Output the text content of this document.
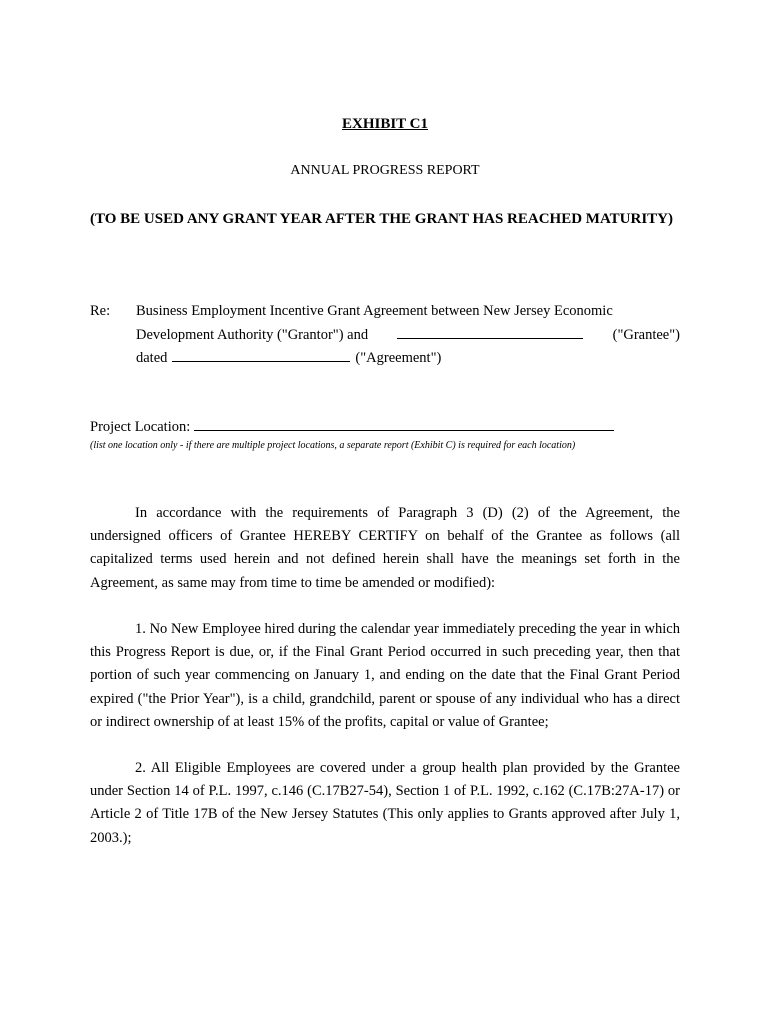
EXHIBIT C1
ANNUAL PROGRESS REPORT
(TO BE USED ANY GRANT YEAR AFTER THE GRANT HAS REACHED MATURITY)
Re: Business Employment Incentive Grant Agreement between New Jersey Economic
Development Authority ("Grantor") and	("Grantee")
dated	("Agreement")
Project Location:
(list one location only - if there are multiple project locations, a separate report (Exhibit C) is required for each location)
In accordance with the requirements of Paragraph 3 (D) (2) of the Agreement, the undersigned officers of Grantee HEREBY CERTIFY on behalf of the Grantee as follows (all capitalized terms used herein and not defined herein shall have the meanings set forth in the Agreement, as same may from time to time be amended or modified):
1. No New Employee hired during the calendar year immediately preceding the year in which this Progress Report is due, or, if the Final Grant Period occurred in such preceding year, then that portion of such year commencing on January 1, and ending on the date that the Final Grant Period expired ("the Prior Year"), is a child, grandchild, parent or spouse of any individual who has a direct or indirect ownership of at least 15% of the profits, capital or value of Grantee;
2. All Eligible Employees are covered under a group health plan provided by the Grantee under Section 14 of P.L. 1997, c.146 (C.17B27-54), Section 1 of P.L. 1992, c.162 (C.17B:27A-17) or Article 2 of Title 17B of the New Jersey Statutes (This only applies to Grants approved after July 1, 2003.);
